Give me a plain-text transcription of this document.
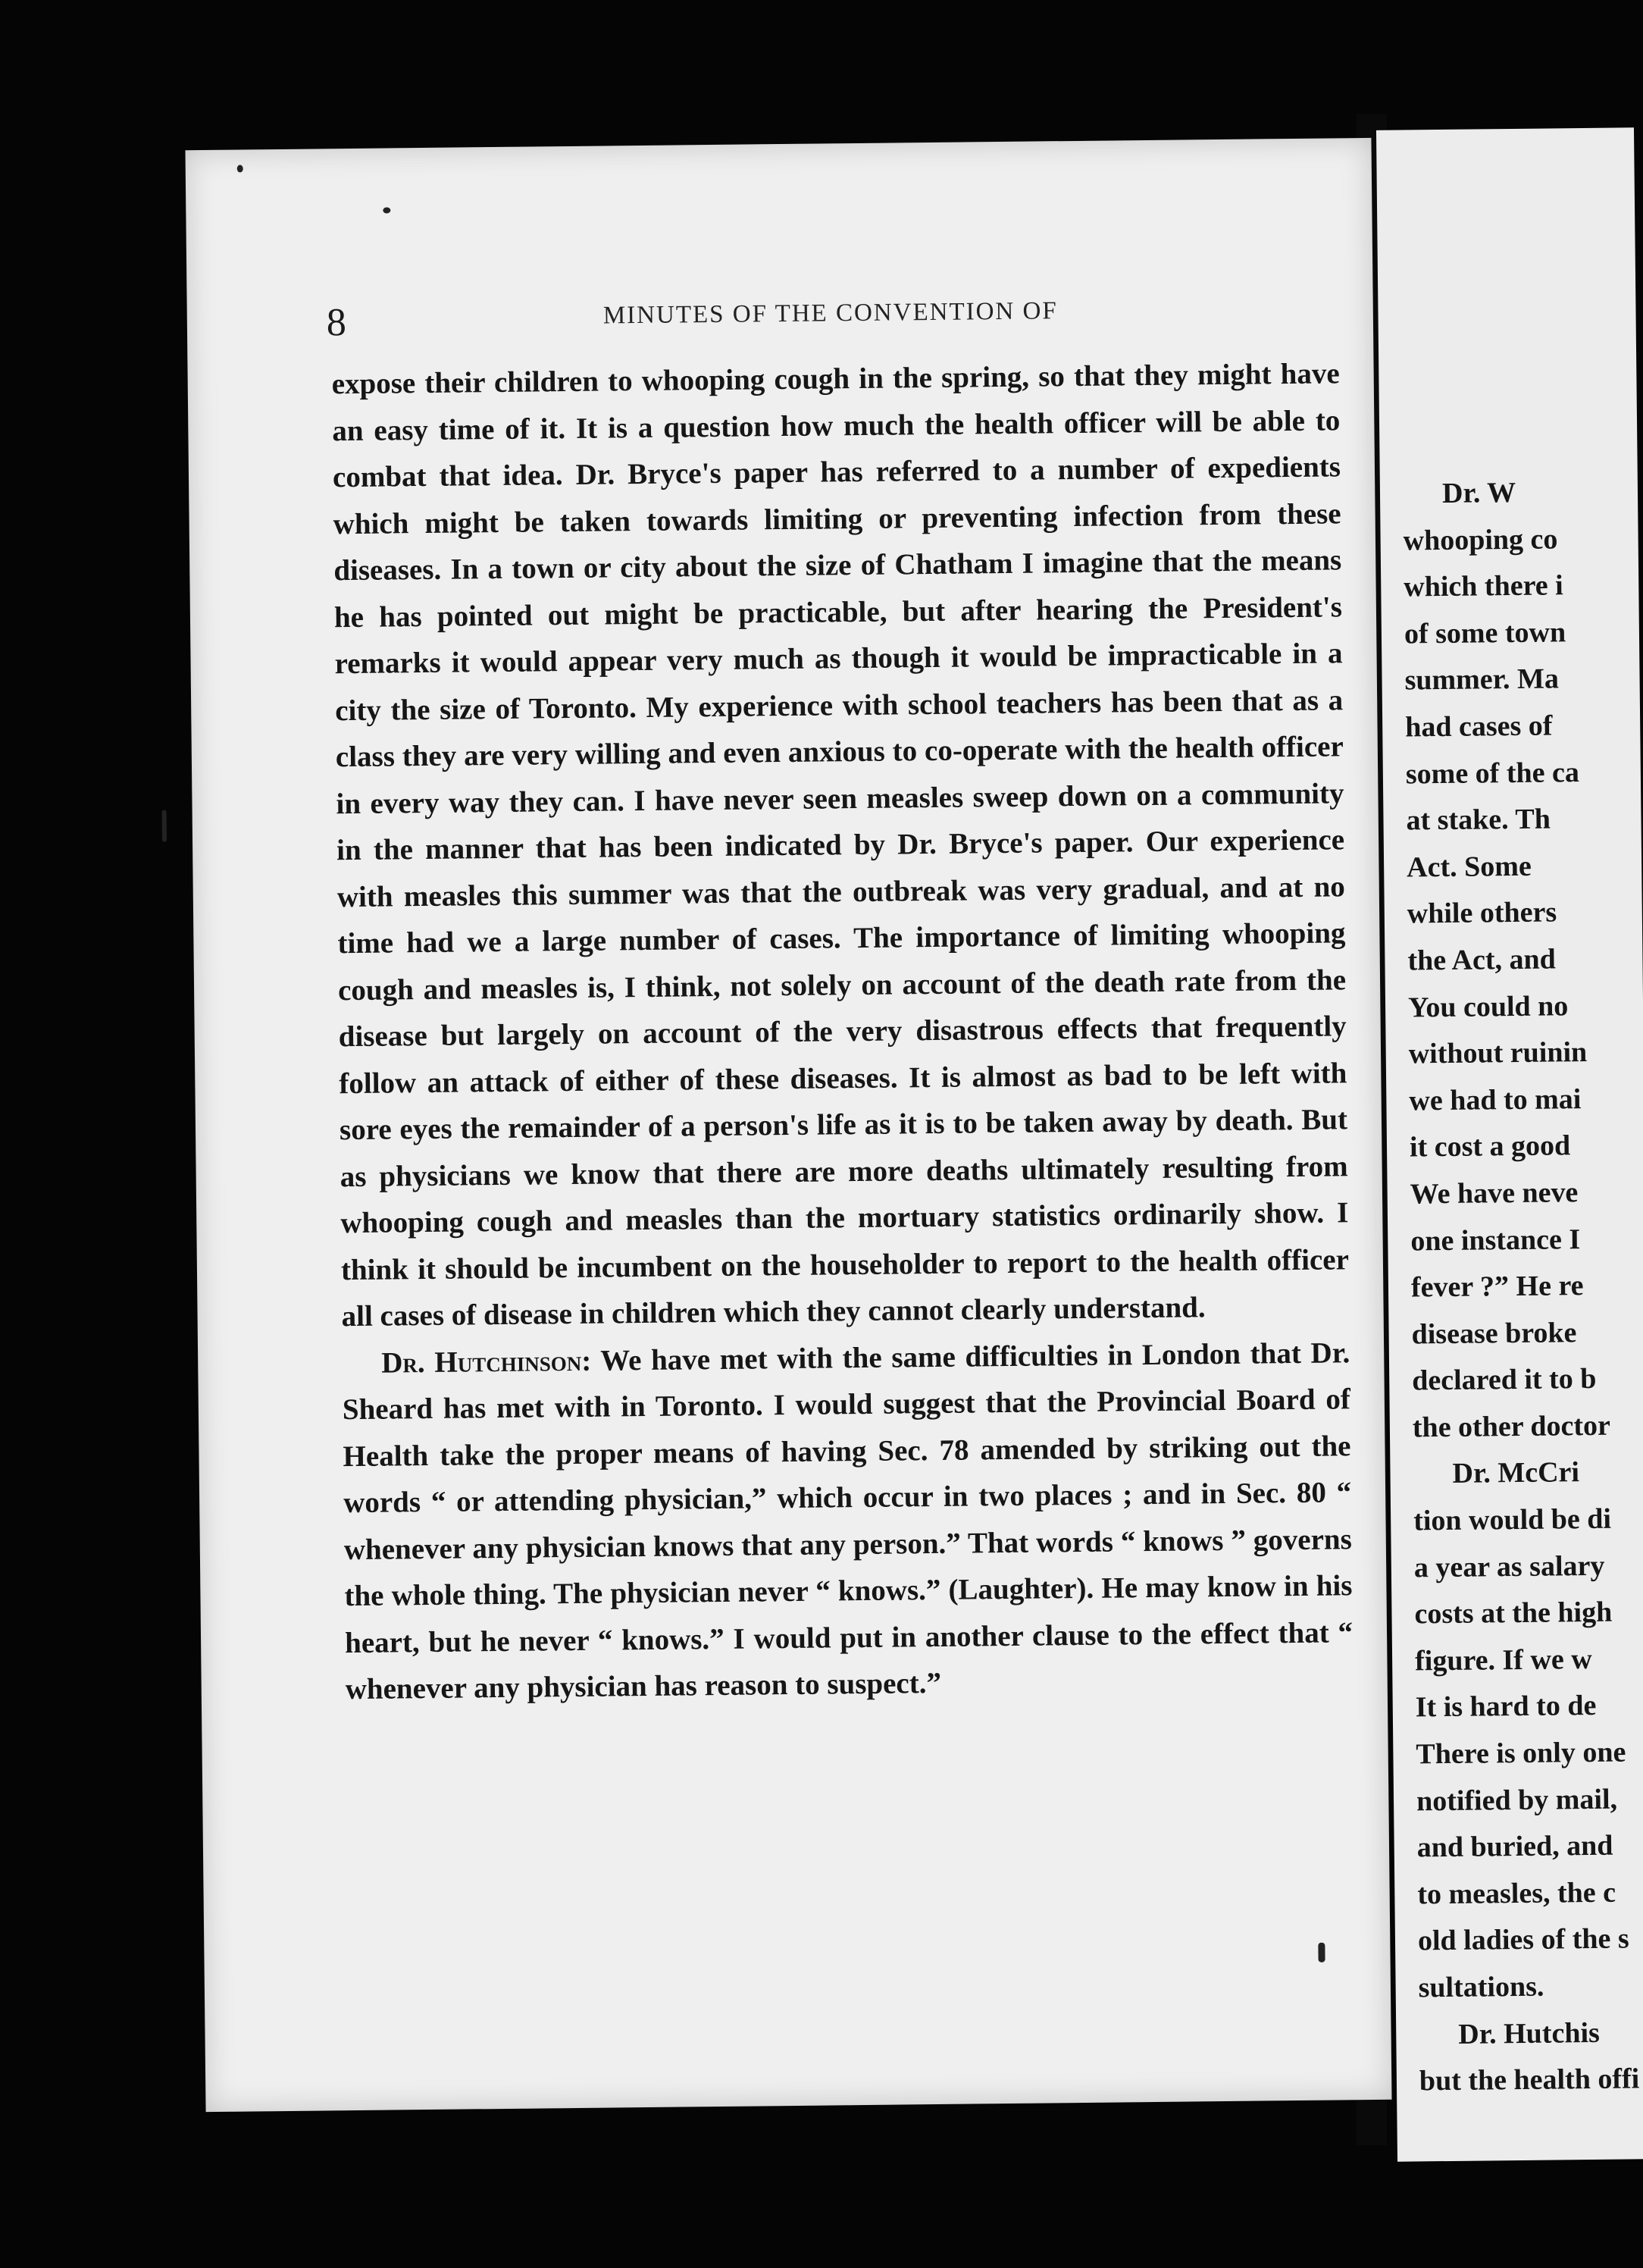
8	MINUTES OF THE CONVENTION OF

expose their children to whooping cough in the spring, so that they might have an easy time of it. It is a question how much the health officer will be able to combat that idea. Dr. Bryce's paper has referred to a number of expedients which might be taken towards limiting or preventing infection from these diseases. In a town or city about the size of Chatham I imagine that the means he has pointed out might be practicable, but after hearing the President's remarks it would appear very much as though it would be impracticable in a city the size of Toronto. My experience with school teachers has been that as a class they are very willing and even anxious to co-operate with the health officer in every way they can. I have never seen measles sweep down on a community in the manner that has been indicated by Dr. Bryce's paper. Our experience with measles this summer was that the outbreak was very gradual, and at no time had we a large number of cases. The importance of limiting whooping cough and measles is, I think, not solely on account of the death rate from the disease but largely on account of the very disastrous effects that frequently follow an attack of either of these diseases. It is almost as bad to be left with sore eyes the remainder of a person's life as it is to be taken away by death. But as physicians we know that there are more deaths ultimately resulting from whooping cough and measles than the mortuary statistics ordinarily show. I think it should be incumbent on the householder to report to the health officer all cases of disease in children which they cannot clearly understand.

Dr. Hutchinson: We have met with the same difficulties in London that Dr. Sheard has met with in Toronto. I would suggest that the Provincial Board of Health take the proper means of having Sec. 78 amended by striking out the words “ or attending physician,” which occur in two places ; and in Sec. 80 “ whenever any physician knows that any person.” That words “ knows ” governs the whole thing. The physician never “ knows.” (Laughter). He may know in his heart, but he never “ knows.” I would put in another clause to the effect that “ whenever any physician has reason to suspect.”

Dr. W
whooping co
which there i
of some town
summer. Ma
had cases of
some of the ca
at stake. Th
Act. Some
while others
the Act, and
You could no
without ruinin
we had to mai
it cost a good
We have neve
one instance I
fever ?” He re
disease broke
declared it to b
the other doctor
Dr. McCri
tion would be di
a year as salary
costs at the high
figure. If we w
It is hard to de
There is only one
notified by mail,
and buried, and
to measles, the c
old ladies of the s
sultations.
Dr. Hutchis
but the health offi
